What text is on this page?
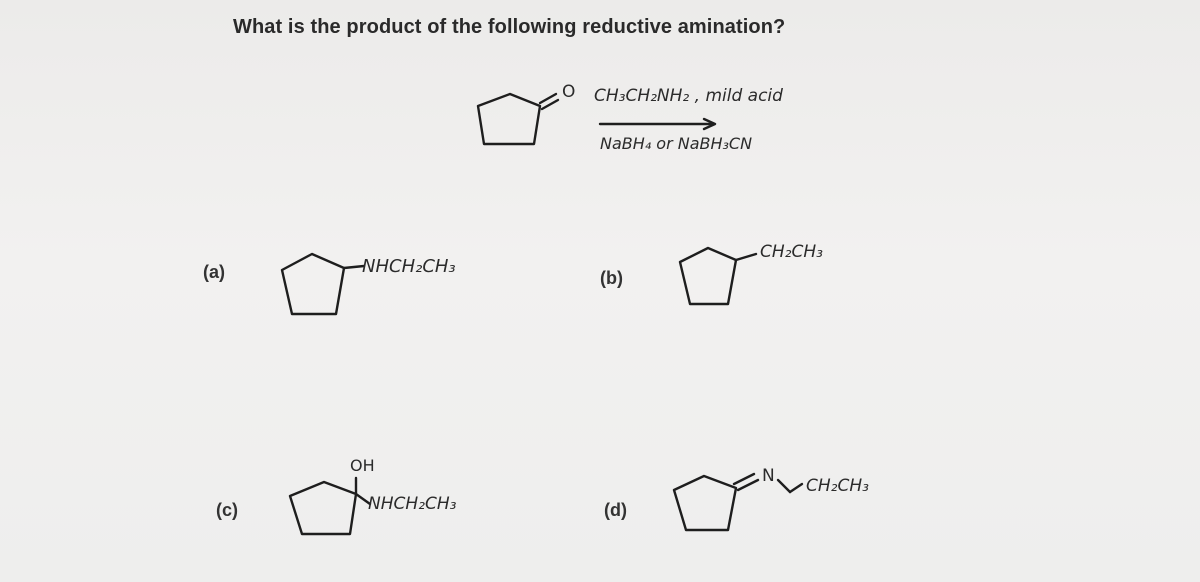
What is the product of the following reductive amination?
O CH₃CH₂NH₂ , mild acid
NaBH₄ or NaBH₃CN
(a)	NHCH₂CH₃
(b)
CH₂CH₃
(c)
OH
NHCH₂CH₃	(d)
N CH₂CH₃
